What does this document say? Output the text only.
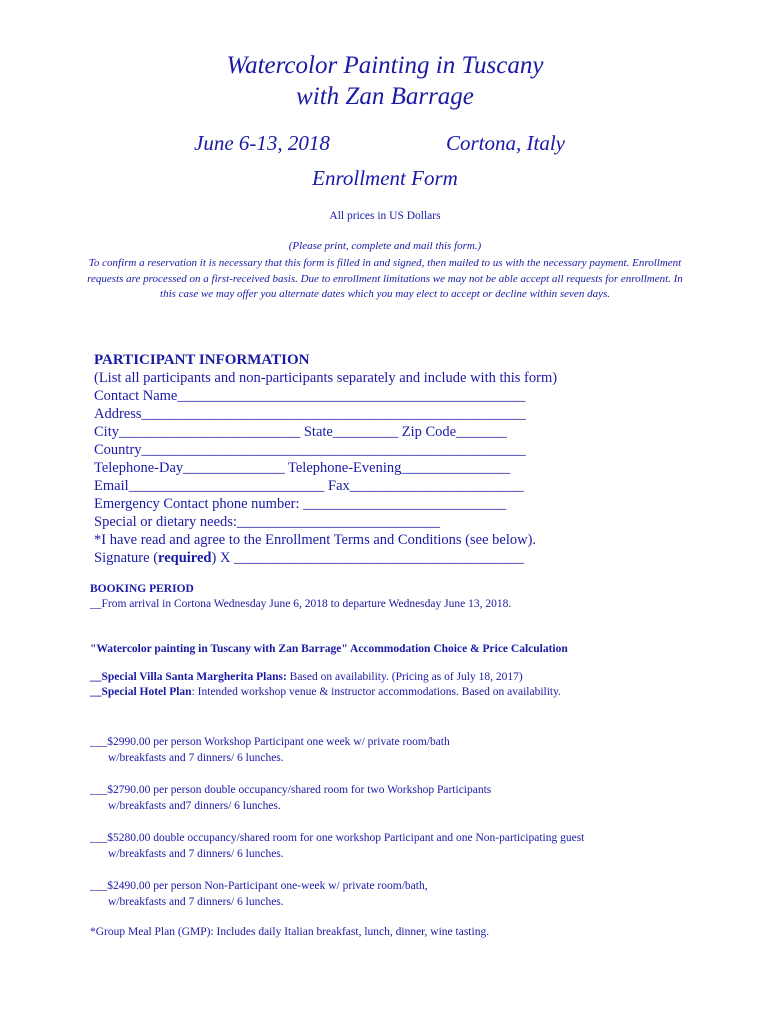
Watercolor Painting in Tuscany
with Zan Barrage
June 6-13, 2018	Cortona, Italy
Enrollment Form
All prices in US Dollars
(Please print, complete and mail this form.)
To confirm a reservation it is necessary that this form is filled in and signed, then mailed to us with the necessary payment. Enrollment requests are processed on a first-received basis. Due to enrollment limitations we may not be able accept all requests for enrollment. In this case we may offer you alternate dates which you may elect to accept or decline within seven days.
PARTICIPANT INFORMATION
(List all participants and non-participants separately and include with this form)
Contact Name________________________________________________
Address_____________________________________________________
City_________________________ State_________ Zip Code_______
Country_____________________________________________________
Telephone-Day______________ Telephone-Evening_______________
Email___________________________ Fax________________________
Emergency Contact phone number: ____________________________
Special or dietary needs:____________________________
*I have read and agree to the Enrollment Terms and Conditions (see below).
Signature (required) X ________________________________________
BOOKING PERIOD
__From arrival in Cortona Wednesday June 6, 2018 to departure Wednesday June 13, 2018.
"Watercolor painting in Tuscany with Zan Barrage" Accommodation Choice & Price Calculation
__Special Villa Santa Margherita Plans: Based on availability. (Pricing as of July 18, 2017)
__Special Hotel Plan: Intended workshop venue & instructor accommodations. Based on availability.
___$2990.00 per person Workshop Participant one week w/ private room/bath
w/breakfasts and 7 dinners/ 6 lunches.
___$2790.00 per person double occupancy/shared room for two Workshop Participants
w/breakfasts and7 dinners/ 6 lunches.
___$5280.00 double occupancy/shared room for one workshop Participant and one Non-participating guest
w/breakfasts and 7 dinners/ 6 lunches.
___$2490.00 per person Non-Participant one-week w/ private room/bath,
w/breakfasts and 7 dinners/ 6 lunches.
*Group Meal Plan (GMP): Includes daily Italian breakfast, lunch, dinner, wine tasting.
